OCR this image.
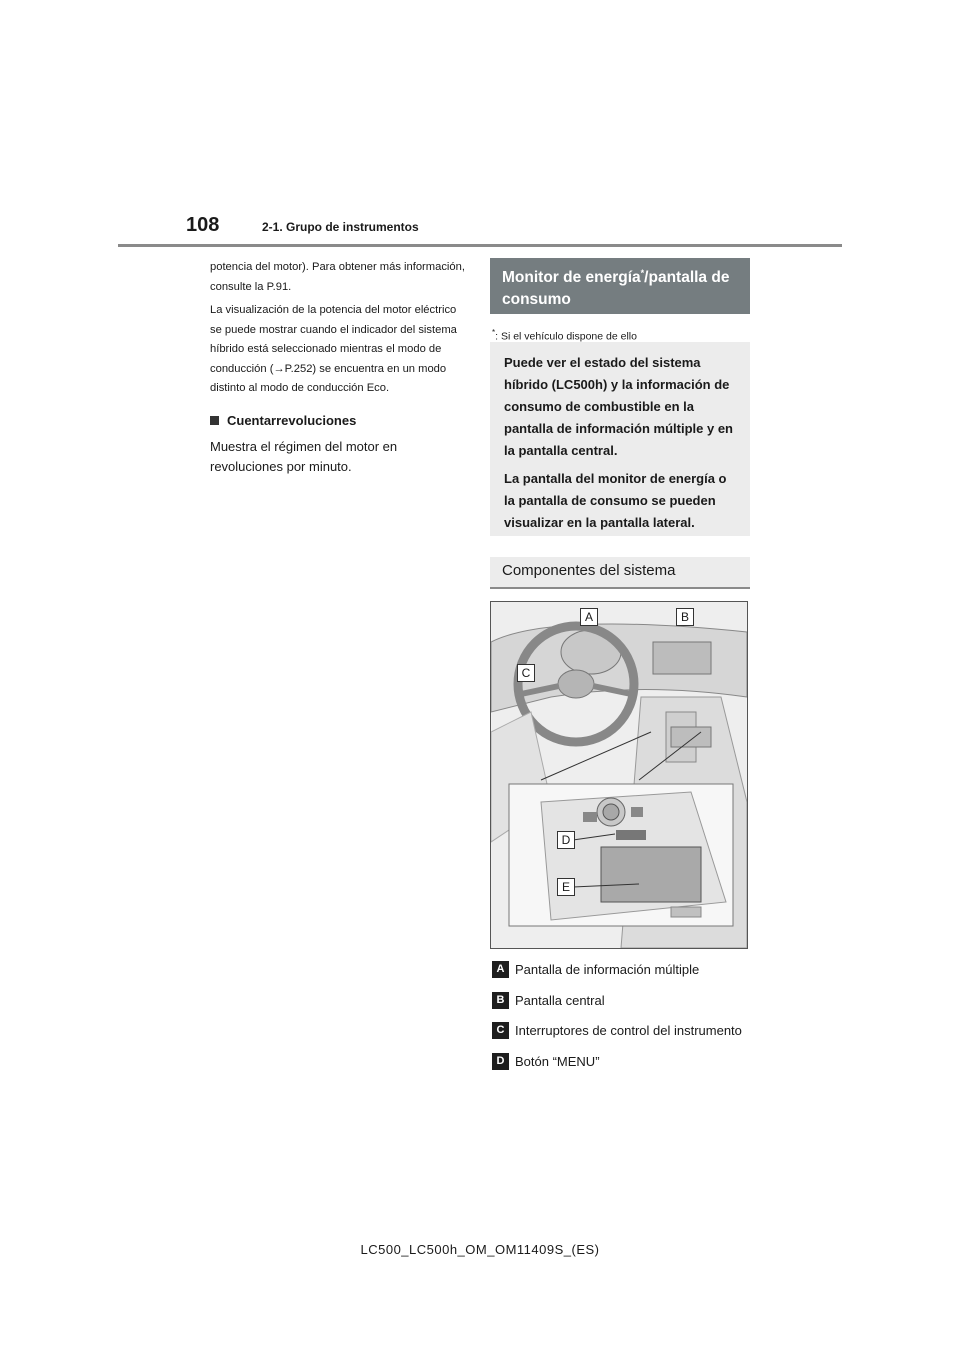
108	2-1. Grupo de instrumentos

potencia del motor). Para obtener más información, consulte la P.91.

La visualización de la potencia del motor eléctrico se puede mostrar cuando el indicador del sistema híbrido está seleccionado mientras el modo de conducción (→P.252) se encuentra en un modo distinto al modo de conducción Eco.

Cuentarrevoluciones
Muestra el régimen del motor en revoluciones por minuto.
Monitor de energía*/pantalla de consumo
*: Si el vehículo dispone de ello

Puede ver el estado del sistema híbrido (LC500h) y la información de consumo de combustible en la pantalla de información múltiple y en la pantalla central.

La pantalla del monitor de energía o la pantalla de consumo se pueden visualizar en la pantalla lateral.

Componentes del sistema
A	B
C
D
E
A Pantalla de información múltiple
B Pantalla central
C Interruptores de control del instrumento
D Botón “MENU”
LC500_LC500h_OM_OM11409S_(ES)
